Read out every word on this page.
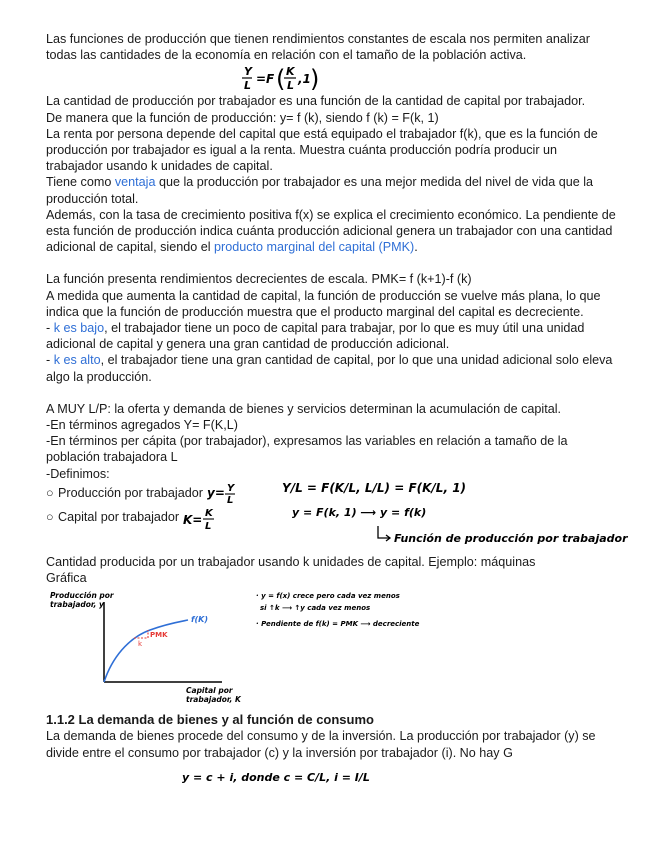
Las funciones de producción que tienen rendimientos constantes de escala nos permiten analizar todas las cantidades de la economía en relación con el tamaño de la población activa.

Y
L =F ( K
L ,1 )

La cantidad de producción por trabajador es una función de la cantidad de capital por trabajador.

De manera que la función de producción: y= f (k), siendo f (k) = F(k, 1)

La renta por persona depende del capital que está equipado el trabajador f(k), que es la función de producción por trabajador es igual a la renta. Muestra cuánta producción podría producir un trabajador usando k unidades de capital.

Tiene como ventaja que la producción por trabajador es una mejor medida del nivel de vida que la producción total.

Además, con la tasa de crecimiento positiva f(x) se explica el crecimiento económico. La pendiente de esta función de producción indica cuánta producción adicional genera un trabajador con una cantidad adicional de capital, siendo el producto marginal del capital (PMK).

La función presenta rendimientos decrecientes de escala. PMK= f (k+1)-f (k)

A medida que aumenta la cantidad de capital, la función de producción se vuelve más plana, lo que indica que la función de producción muestra que el producto marginal del capital es decreciente.

- k es bajo, el trabajador tiene un poco de capital para trabajar, por lo que es muy útil una unidad adicional de capital y genera una gran cantidad de producción adicional.

- k es alto, el trabajador tiene una gran cantidad de capital, por lo que una unidad adicional solo eleva algo la producción.

A MUY L/P: la oferta y demanda de bienes y servicios determinan la acumulación de capital.

-En términos agregados Y= F(K,L)

-En términos per cápita (por trabajador), expresamos las variables en relación a tamaño de la población trabajadora L

-Definimos:

○ Producción por trabajador y= Y
L
○ Capital por trabajador K= K
L
Y/L = F(K/L, L/L) = F(K/L, 1)
y = F(k, 1) ⟶ y = f(k)
Función de producción por trabajador

Cantidad producida por un trabajador usando k unidades de capital. Ejemplo: máquinas

Gráfica

Producción por
trabajador, y
f(K)
PMK
k
Capital por
trabajador, K
· y = f(x) crece pero cada vez menos
si ↑k ⟶ ↑y cada vez menos
· Pendiente de f(k) = PMK ⟶ decreciente

1.1.2 La demanda de bienes y al función de consumo

La demanda de bienes procede del consumo y de la inversión. La producción por trabajador (y) se divide entre el consumo por trabajador (c) y la inversión por trabajador (i). No hay G

y = c + i, donde c = C/L, i = I/L
